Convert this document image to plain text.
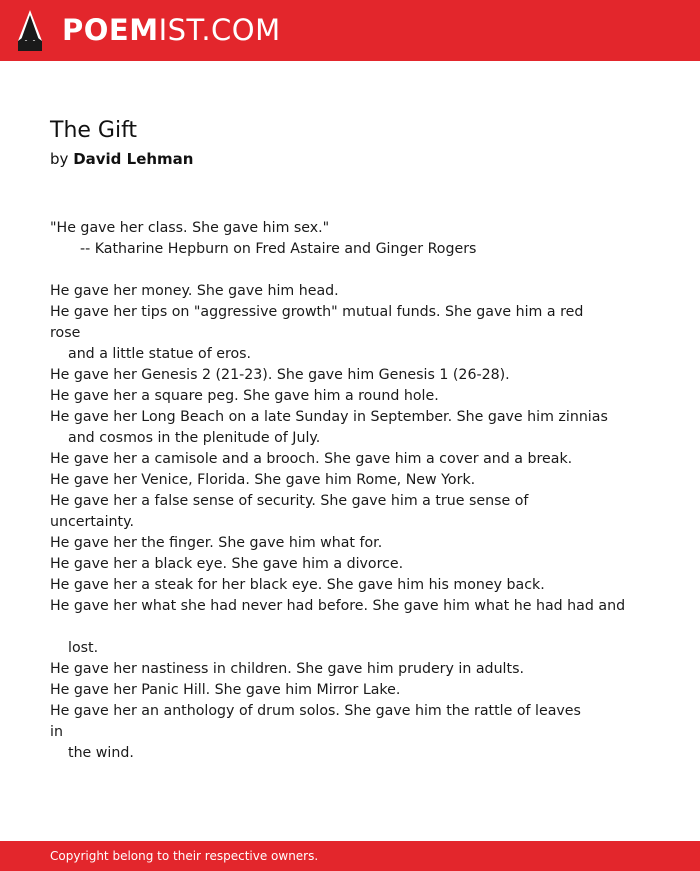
POEMIST.COM
The Gift
by David Lehman
"He gave her class. She gave him sex."
-- Katharine Hepburn on Fred Astaire and Ginger Rogers
He gave her money. She gave him head.
He gave her tips on "aggressive growth" mutual funds. She gave him a red
rose
and a little statue of eros.
He gave her Genesis 2 (21-23). She gave him Genesis 1 (26-28).
He gave her a square peg. She gave him a round hole.
He gave her Long Beach on a late Sunday in September. She gave him zinnias
and cosmos in the plenitude of July.
He gave her a camisole and a brooch. She gave him a cover and a break.
He gave her Venice, Florida. She gave him Rome, New York.
He gave her a false sense of security. She gave him a true sense of
uncertainty.
He gave her the finger. She gave him what for.
He gave her a black eye. She gave him a divorce.
He gave her a steak for her black eye. She gave him his money back.
He gave her what she had never had before. She gave him what he had had and
lost.
He gave her nastiness in children. She gave him prudery in adults.
He gave her Panic Hill. She gave him Mirror Lake.
He gave her an anthology of drum solos. She gave him the rattle of leaves
in
the wind.
Copyright belong to their respective owners.
